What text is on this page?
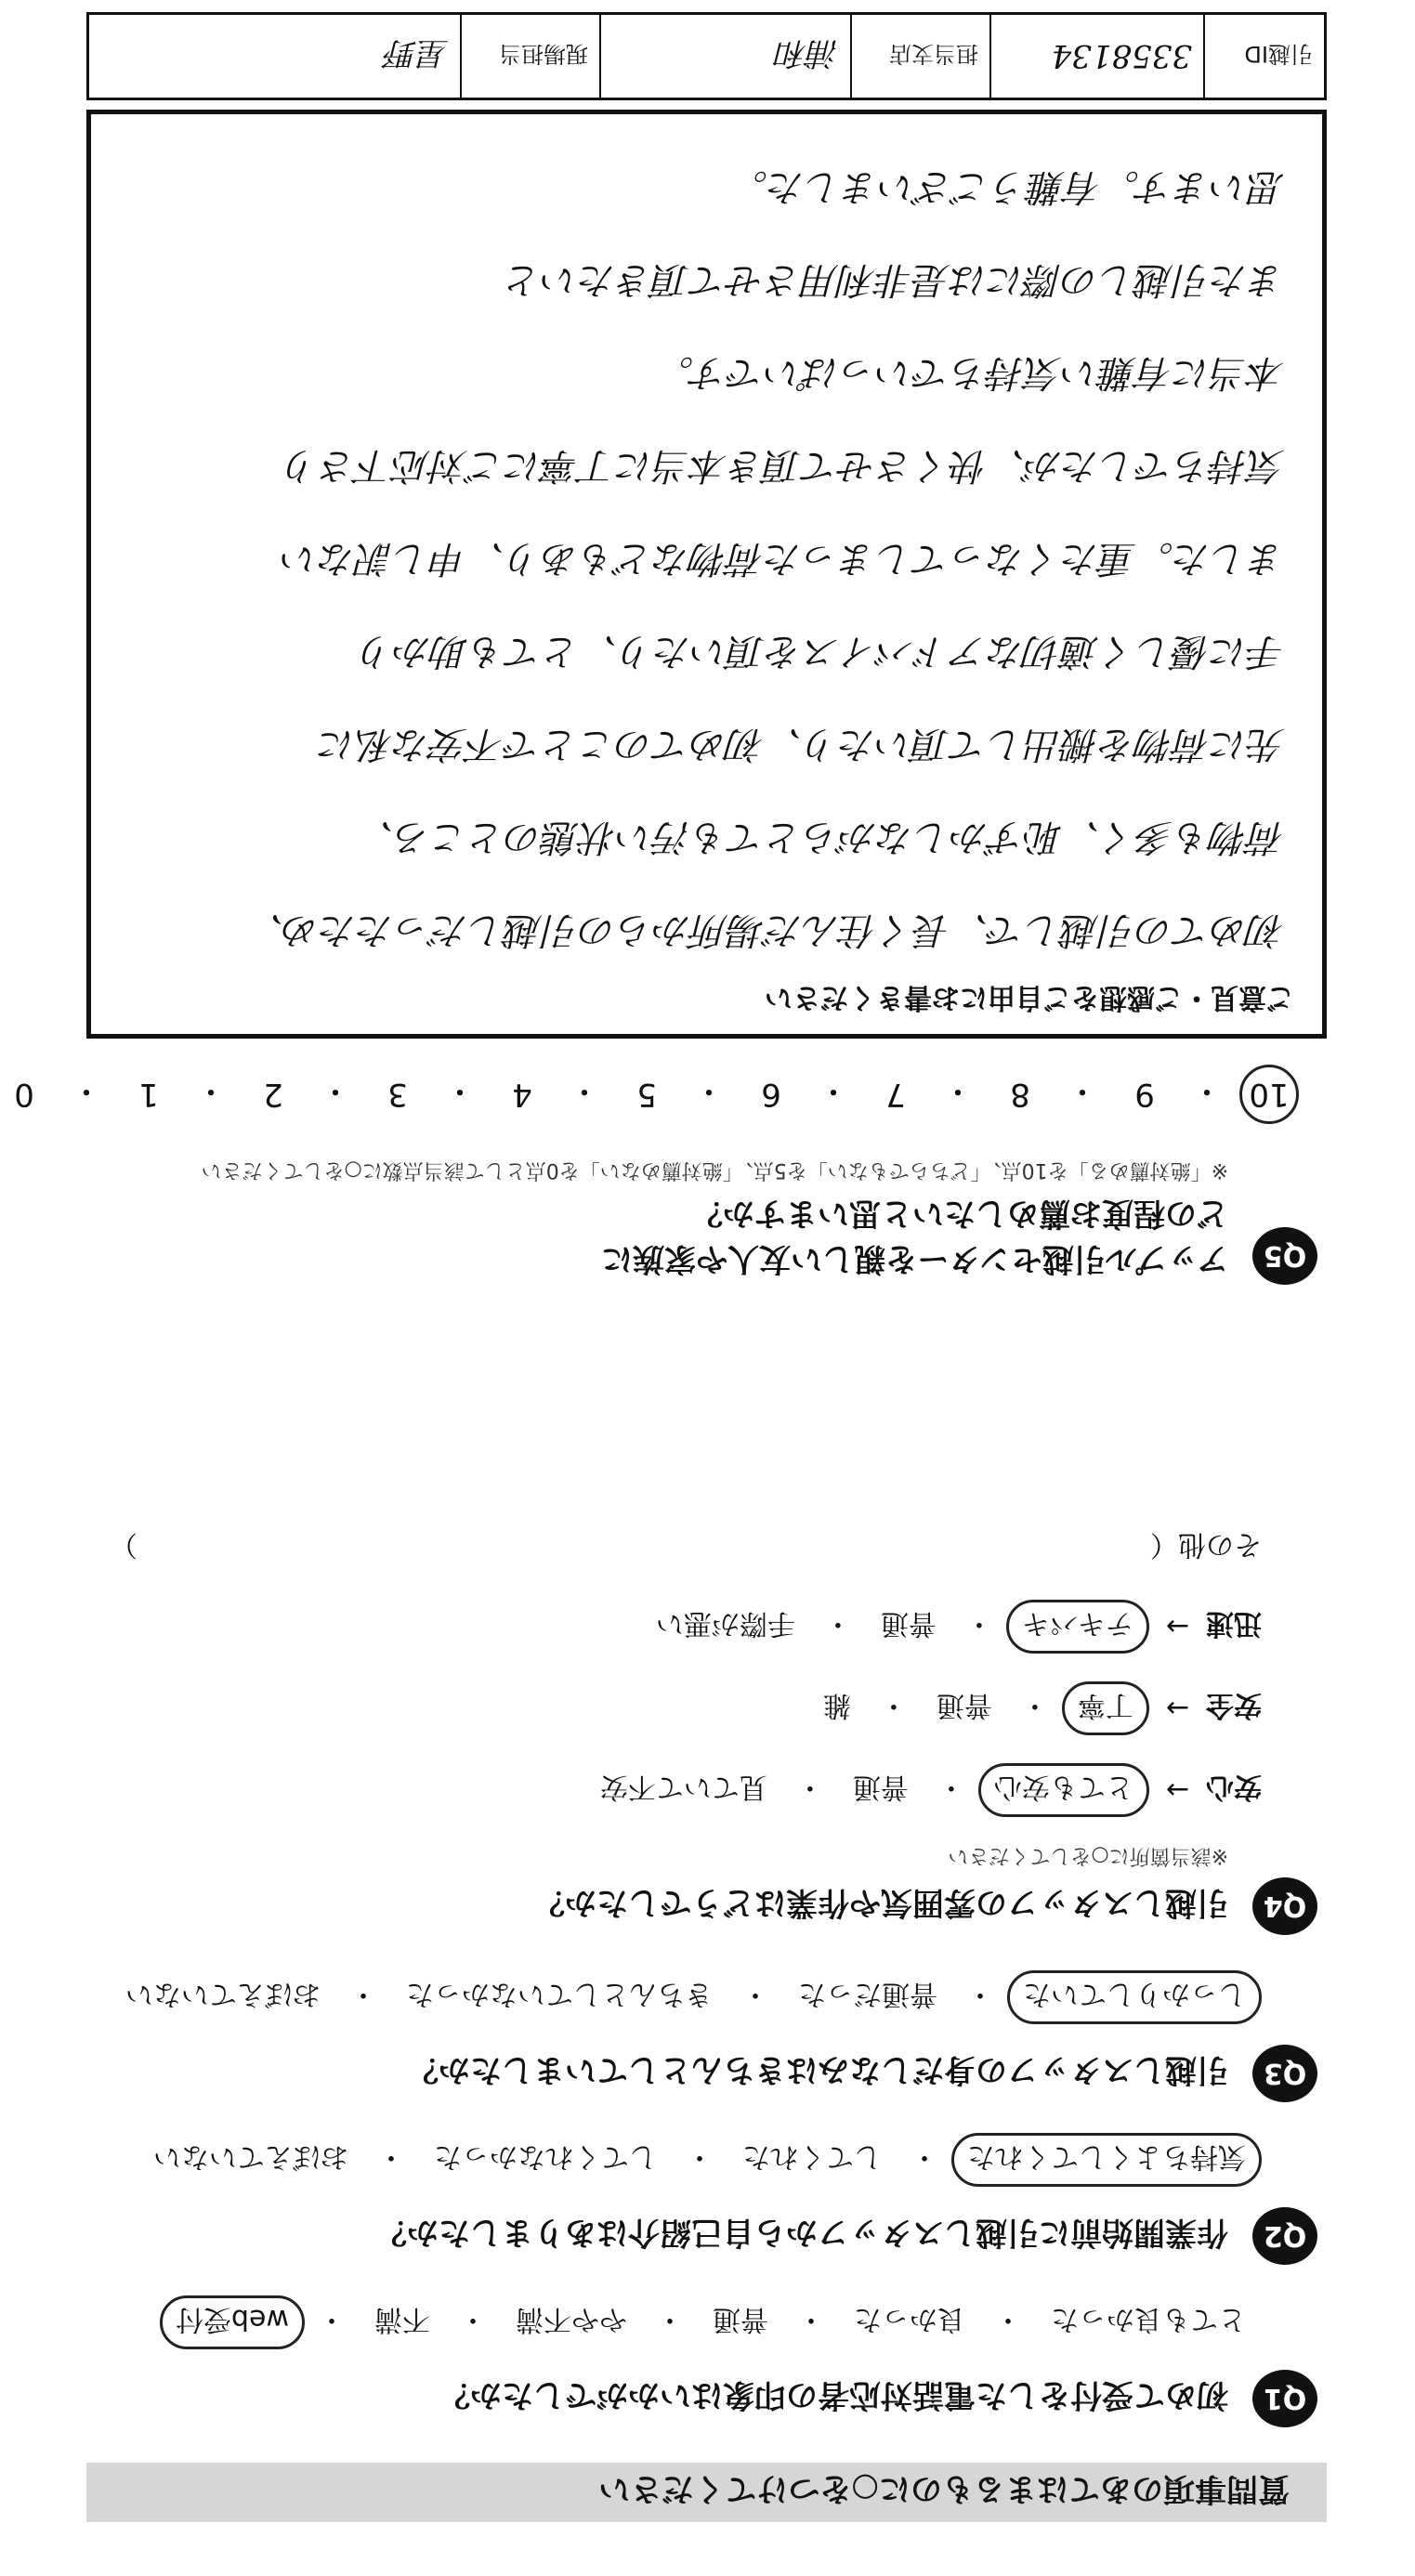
質問事項のあてはまるものに○をつけてください
Q1
初めて受付をした電話対応者の印象はいかがでしたか？
とても良かった
・
良かった
・
普通
・
やや不満
・
不満
・
web受付
Q2
作業開始前に引越しスタッフから自己紹介はありましたか？
気持ちよくしてくれた
・
してくれた
・
してくれなかった
・
おぼえていない
Q3
引越しスタッフの身だしなみはきちんとしていましたか？
しっかりしていた
・
普通だった
・
きちんとしていなかった
・
おぼえていない
Q4
引越しスタッフの雰囲気や作業はどうでしたか？
※該当箇所に○をしてください
安心
→
とても安心
・
普通
・
見ていて不安
安全
→
丁寧
・
普通
・
雑
迅速
→
テキパキ
・
普通
・
手際が悪い
その他（
）
Q5
アップル引越センターを親しい友人や家族に
どの程度お薦めしたいと思いますか？
※「絶対薦める」を10点、「どちらでもない」を5点、「絶対薦めない」を0点として該当点数に○をしてください
10
・
9
・
8
・
7
・
6
・
5
・
4
・
3
・
2
・
1
・
0
ご意見・ご感想をご自由にお書きください
初めての引越しで、長く住んだ場所からの引越しだったため、
荷物も多く、恥ずかしながらとても汚い状態のところ、
先に荷物を搬出して頂いたり、初めてのことで不安な私に
手に優しく適切なアドバイスを頂いたり、とても助かり
ました。重たくなってしまった荷物などもあり、申し訳ない
気持ちでしたが、快くさせて頂き本当に丁寧にご対応下さり
本当に有難い気持ちでいっぱいです。
また引越しの際には是非利用させて頂きたいと
思います。有難うございました。
引越ID
3358134
担当支店
浦和
現場担当
星野
